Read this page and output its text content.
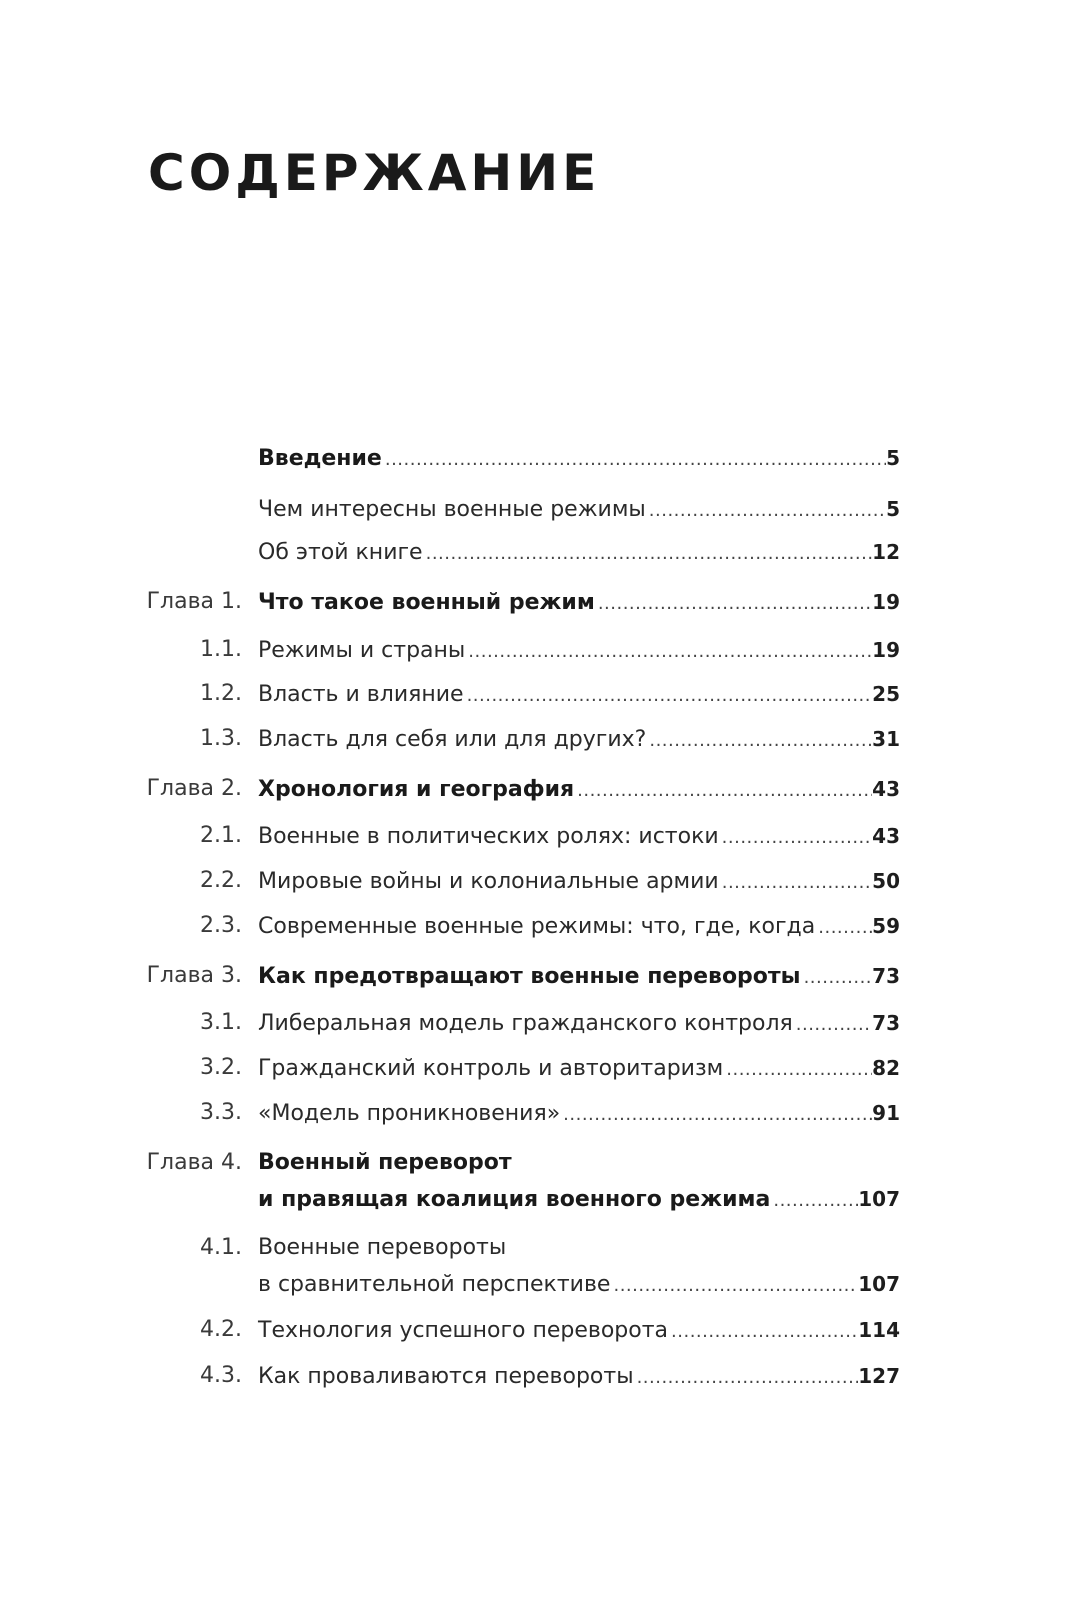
СОДЕРЖАНИЕ
Введение .....	5
Чем интересны военные режимы .....	5
Об этой книге .....	12
Глава 1. Что такое военный режим .....	19
1.1. Режимы и страны .....	19
1.2. Власть и влияние .....	25
1.3. Власть для себя или для других? .....	31
Глава 2. Хронология и география .....	43
2.1. Военные в политических ролях: истоки .....	43
2.2. Мировые войны и колониальные армии .....	50
2.3. Современные военные режимы: что, где, когда .....	59
Глава 3. Как предотвращают военные перевороты .....	73
3.1. Либеральная модель гражданского контроля .....	73
3.2. Гражданский контроль и авторитаризм .....	82
3.3. «Модель проникновения» .....	91
Глава 4. Военный переворот
и правящая коалиция военного режима .....	107
4.1. Военные перевороты
в сравнительной перспективе .....	107
4.2. Технология успешного переворота .....	114
4.3. Как проваливаются перевороты .....	127
